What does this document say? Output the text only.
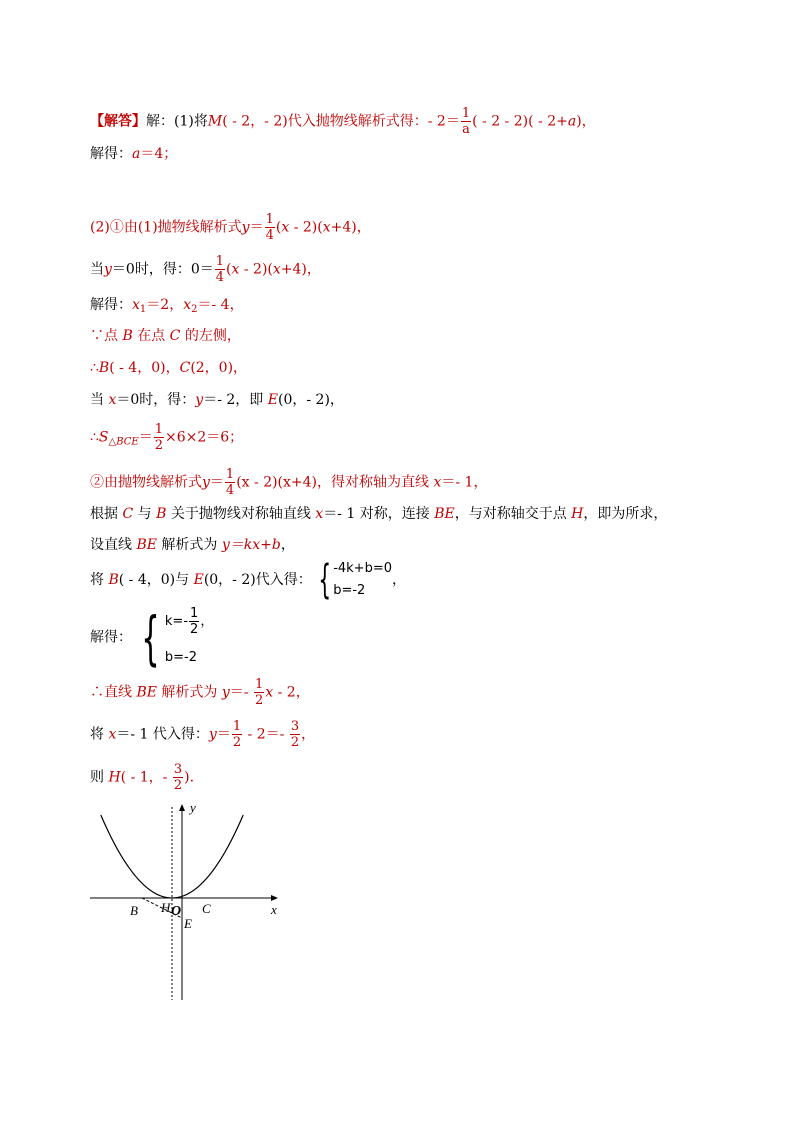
【解答】解：(1)将M( - 2，- 2)代入抛物线解析式得：- $2= \frac{1}{a}$ ( - 2 - 2)( - 2+a)，
解得：a＝4；
(2)①由(1)抛物线解析式$y= \frac{1}{4} (x - 2)(x+4)$，
当y＝0时，得：$0= \frac{1}{4} (x - 2)(x+4)$，
解得：$x_1=2$，$x_2=-$ 4，
∵点 B 在点 C 的左侧，
∴B( - 4，0)，C(2，0)，
当 x＝0时，得：y＝- 2，即 E(0，- 2)，
$\therefore S_{\triangle BCE}= \frac{1}{2} \times 6\times 2=6$；
②由抛物线解析式$y= \frac{1}{4} (x - 2)(x+4)$，得对称轴为直线 x＝- 1，
根据 C 与 B 关于抛物线对称轴直线 x＝- 1 对称，连接 BE，与对称轴交于点 H，即为所求，
设直线 BE 解析式为 y＝kx+b，
将 B( - 4，0)与 E(0，- 2)代入得： { -4k+b=0
b=-2
，
解得： { $k=- \frac{1}{2}$ ，
b=-2
∴直线 BE 解析式为 $y=- \frac{1}{2}$ x - 2，
将 x＝- 1 代入得：$y= \frac{1}{2} - 2=- \frac{3}{2}$ ，
则 H( - 1，- $\frac{3}{2}$ ).
y
x
B H O C
E
